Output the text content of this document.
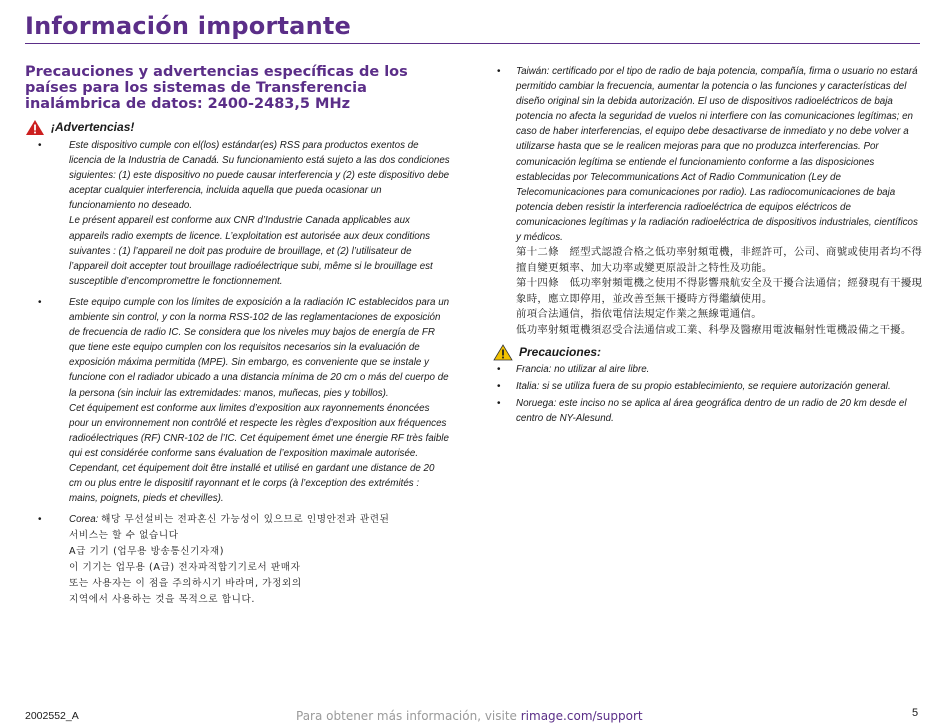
Información importante
Precauciones y advertencias específicas de los países para los sistemas de Transferencia inalámbrica de datos: 2400-2483,5 MHz
¡Advertencias!

• Este dispositivo cumple con el(los) estándar(es) RSS para productos exentos de licencia de la Industria de Canadá. Su funcionamiento está sujeto a las dos condiciones siguientes: (1) este dispositivo no puede causar interferencia y (2) este dispositivo debe aceptar cualquier interferencia, incluida aquella que pueda ocasionar un funcionamiento no deseado.

Le présent appareil est conforme aux CNR d’Industrie Canada applicables aux appareils radio exempts de licence. L’exploitation est autorisée aux deux conditions suivantes : (1) l’appareil ne doit pas produire de brouillage, et (2) l’utilisateur de l’appareil doit accepter tout brouillage radioélectrique subi, même si le brouillage est susceptible d’encompromettre le fonctionnement.

• Este equipo cumple con los límites de exposición a la radiación IC establecidos para un ambiente sin control, y con la norma RSS-102 de las reglamentaciones de exposición de frecuencia de radio IC. Se considera que los niveles muy bajos de energía de FR que tiene este equipo cumplen con los requisitos necesarios sin la evaluación de exposición máxima permitida (MPE). Sin embargo, es conveniente que se instale y funcione con el radiador ubicado a una distancia mínima de 20 cm o más del cuerpo de la persona (sin incluir las extremidades: manos, muñecas, pies y tobillos).

Cet équipement est conforme aux limites d’exposition aux rayonnements énoncées pour un environnement non contrôlé et respecte les règles d’exposition aux fréquences radioélectriques (RF) CNR-102 de l’IC. Cet équipement émet une énergie RF très faible qui est considérée conforme sans évaluation de l’exposition maximale autorisée. Cependant, cet équipement doit être installé et utilisé en gardant une distance de 20 cm ou plus entre le dispositif rayonnant et le corps (à l’exception des extrémités : mains, poignets, pieds et chevilles).

• Corea: 해당 무선설비는 전파혼신 가능성이 있으므로 인명안전과 관련된

서비스는 할 수 없습니다

A급 기기 (업무용 방송통신기자재)

이 기기는 업무용 (A급) 전자파적합기기로서 판매자

또는 사용자는 이 점을 주의하시기 바라며, 가정외의

지역에서 사용하는 것을 목적으로 합니다.

• Taiwán: certificado por el tipo de radio de baja potencia, compañía, firma o usuario no estará permitido cambiar la frecuencia, aumentar la potencia o las funciones y características del diseño original sin la debida autorización. El uso de dispositivos radioeléctricos de baja potencia no afecta la seguridad de vuelos ni interfiere con las comunicaciones legítimas; en caso de haber interferencias, el equipo debe desactivarse de inmediato y no debe volver a utilizarse hasta que se le realicen mejoras para que no produzca interferencias. Por comunicación legítima se entiende el funcionamiento conforme a las disposiciones establecidas por Telecommunications Act of Radio Communication (Ley de Telecomunicaciones para comunicaciones por radio). Las radiocomunicaciones de baja potencia deben resistir la interferencia radioeléctrica de equipos eléctricos de comunicaciones legítimas y la radiación radioeléctrica de dispositivos industriales, científicos y médicos.

第十二條　經型式認證合格之低功率射頻電機，非經許可，公司、商號或使用者均不得擅自變更頻率、加大功率或變更原設計之特性及功能。

第十四條　低功率射頻電機之使用不得影響飛航安全及干擾合法通信；經發現有干擾現象時，應立即停用，並改善至無干擾時方得繼續使用。

前項合法通信，指依電信法規定作業之無線電通信。

低功率射頻電機須忍受合法通信或工業、科學及醫療用電波輻射性電機設備之干擾。

Precauciones:

• Francia: no utilizar al aire libre.

• Italia: si se utiliza fuera de su propio establecimiento, se requiere autorización general.

• Noruega: este inciso no se aplica al área geográfica dentro de un radio de 20 km desde el centro de NY-Alesund.

2002552_A	Para obtener más información, visite rimage.com/support	5
